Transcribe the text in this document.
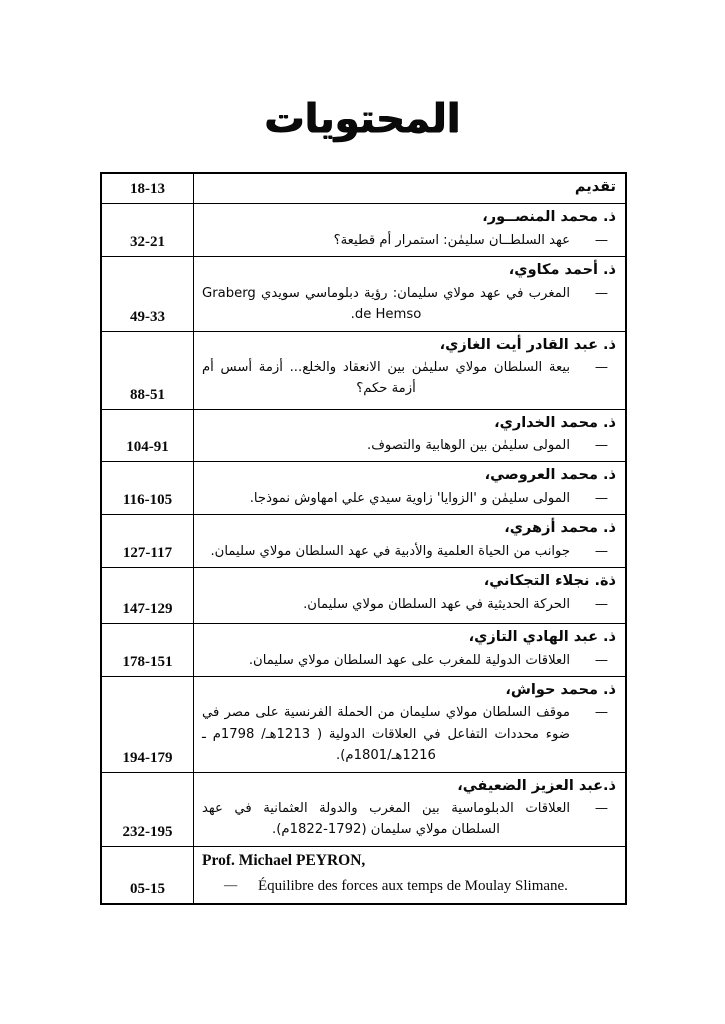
المحتويات
18-13	تقديم
32-21
ذ. محمد المنصــور،
—
عهد السلطــان سليمٰن: استمرار أم قطيعة؟
49-33
ذ. أحمد مكاوي،
—
المغرب في عهد مولاي سليمان: رؤية دبلوماسي سويدي Graberg de Hemso.
88-51
ذ. عبد القادر أيت الغازي،
—
بيعة السلطان مولاي سليمٰن بين الانعقاد والخلع... أزمة أسس أم أزمة حكم؟
104-91
ذ. محمد الخداري،
—
المولى سليمٰن بين الوهابية والتصوف.
116-105
ذ. محمد العروصي،
—
المولى سليمٰن و 'الزوايا' زاوية سيدي علي امهاوش نموذجا.
127-117
ذ. محمد أزهري،
—
جوانب من الحياة العلمية والأدبية في عهد السلطان مولاي سليمان.
147-129
ذة. نجلاء التجكاني،
—
الحركة الحديثية في عهد السلطان مولاي سليمان.
178-151
ذ. عبد الهادي التازي،
—
العلاقات الدولية للمغرب على عهد السلطان مولاي سليمان.
194-179
ذ. محمد حواش،
—
موقف السلطان مولاي سليمان من الحملة الفرنسية على مصر في ضوء محددات التفاعل في العلاقات الدولية ( 1213هـ/ 1798م ـ 1216هـ/1801م).
232-195
ذ.عبد العزيز الضعيفي،
—
العلاقات الدبلوماسية بين المغرب والدولة العثمانية في عهد السلطان مولاي سليمان (1792-1822م).
05-15
Prof. Michael PEYRON,
— Équilibre des forces aux temps de Moulay Slimane.
